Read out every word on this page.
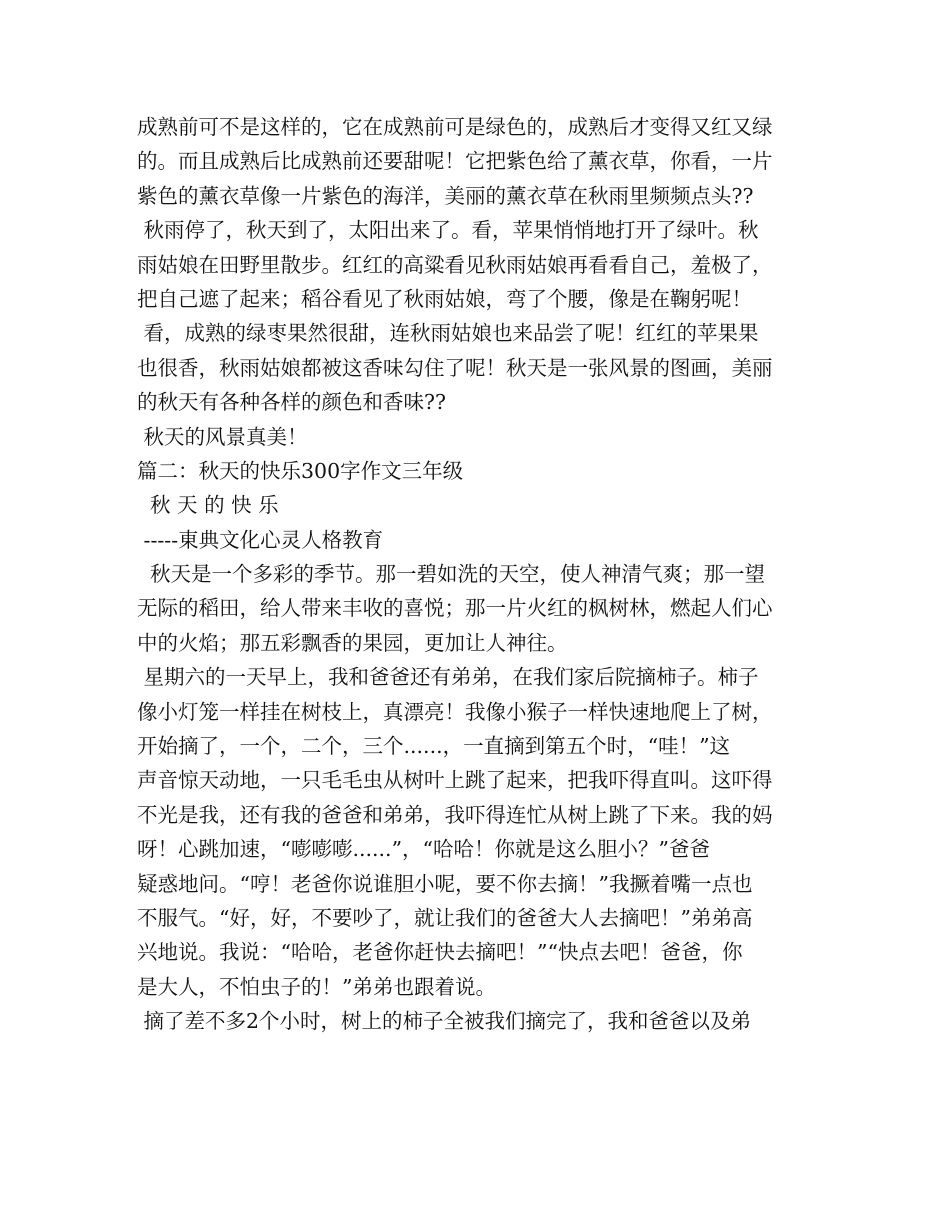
成熟前可不是这样的，它在成熟前可是绿色的，成熟后才变得又红又绿
的。而且成熟后比成熟前还要甜呢！它把紫色给了薰衣草，你看，一片
紫色的薰衣草像一片紫色的海洋，美丽的薰衣草在秋雨里频频点头??
秋雨停了，秋天到了，太阳出来了。看，苹果悄悄地打开了绿叶。秋
雨姑娘在田野里散步。红红的高粱看见秋雨姑娘再看看自己，羞极了，
把自己遮了起来；稻谷看见了秋雨姑娘，弯了个腰，像是在鞠躬呢！
看，成熟的绿枣果然很甜，连秋雨姑娘也来品尝了呢！红红的苹果果
也很香，秋雨姑娘都被这香味勾住了呢！秋天是一张风景的图画，美丽
的秋天有各种各样的颜色和香味??
秋天的风景真美！
篇二：秋天的快乐300字作文三年级
秋 天 的 快 乐
-----東典文化心灵人格教育
秋天是一个多彩的季节。那一碧如洗的天空，使人神清气爽；那一望
无际的稻田，给人带来丰收的喜悦；那一片火红的枫树林，燃起人们心
中的火焰；那五彩飘香的果园，更加让人神往。
星期六的一天早上，我和爸爸还有弟弟，在我们家后院摘柿子。柿子
像小灯笼一样挂在树枝上，真漂亮！我像小猴子一样快速地爬上了树，
开始摘了，一个，二个，三个......，一直摘到第五个时，“哇！”这
声音惊天动地，一只毛毛虫从树叶上跳了起来，把我吓得直叫。这吓得
不光是我，还有我的爸爸和弟弟，我吓得连忙从树上跳了下来。我的妈
呀！心跳加速，“嘭嘭嘭......”，“哈哈！你就是这么胆小？”爸爸
疑惑地问。“哼！老爸你说谁胆小呢，要不你去摘！”我撅着嘴一点也
不服气。“好，好，不要吵了，就让我们的爸爸大人去摘吧！”弟弟高
兴地说。我说：“哈哈，老爸你赶快去摘吧！”“快点去吧！爸爸，你
是大人，不怕虫子的！”弟弟也跟着说。
摘了差不多2个小时，树上的柿子全被我们摘完了，我和爸爸以及弟
